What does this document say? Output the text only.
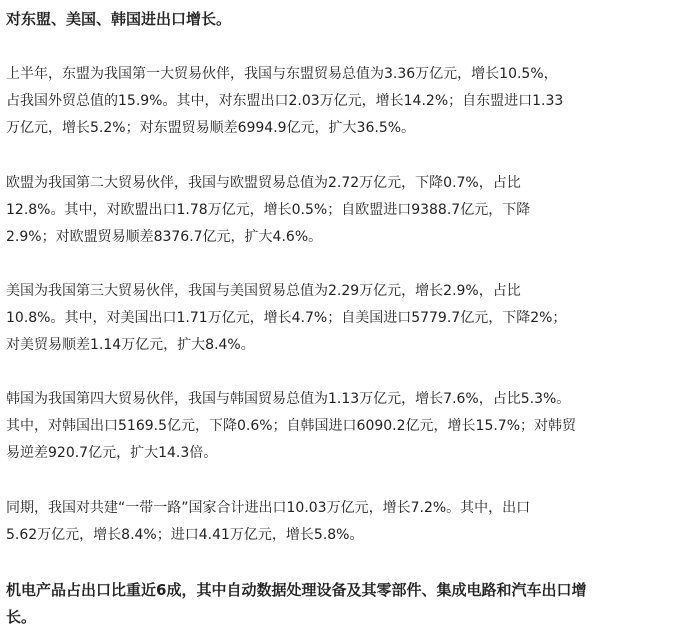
对东盟、美国、韩国进出口增长。

上半年，东盟为我国第一大贸易伙伴，我国与东盟贸易总值为3.36万亿元，增长10.5%，
占我国外贸总值的15.9%。其中，对东盟出口2.03万亿元，增长14.2%；自东盟进口1.33
万亿元，增长5.2%；对东盟贸易顺差6994.9亿元，扩大36.5%。

欧盟为我国第二大贸易伙伴，我国与欧盟贸易总值为2.72万亿元，下降0.7%，占比
12.8%。其中，对欧盟出口1.78万亿元，增长0.5%；自欧盟进口9388.7亿元，下降
2.9%；对欧盟贸易顺差8376.7亿元，扩大4.6%。

美国为我国第三大贸易伙伴，我国与美国贸易总值为2.29万亿元，增长2.9%，占比
10.8%。其中，对美国出口1.71万亿元，增长4.7%；自美国进口5779.7亿元，下降2%；
对美贸易顺差1.14万亿元，扩大8.4%。

韩国为我国第四大贸易伙伴，我国与韩国贸易总值为1.13万亿元，增长7.6%，占比5.3%。
其中，对韩国出口5169.5亿元，下降0.6%；自韩国进口6090.2亿元，增长15.7%；对韩贸
易逆差920.7亿元，扩大14.3倍。

同期，我国对共建“一带一路”国家合计进出口10.03万亿元，增长7.2%。其中，出口
5.62万亿元，增长8.4%；进口4.41万亿元，增长5.8%。

机电产品占出口比重近6成，其中自动数据处理设备及其零部件、集成电路和汽车出口增
长。
